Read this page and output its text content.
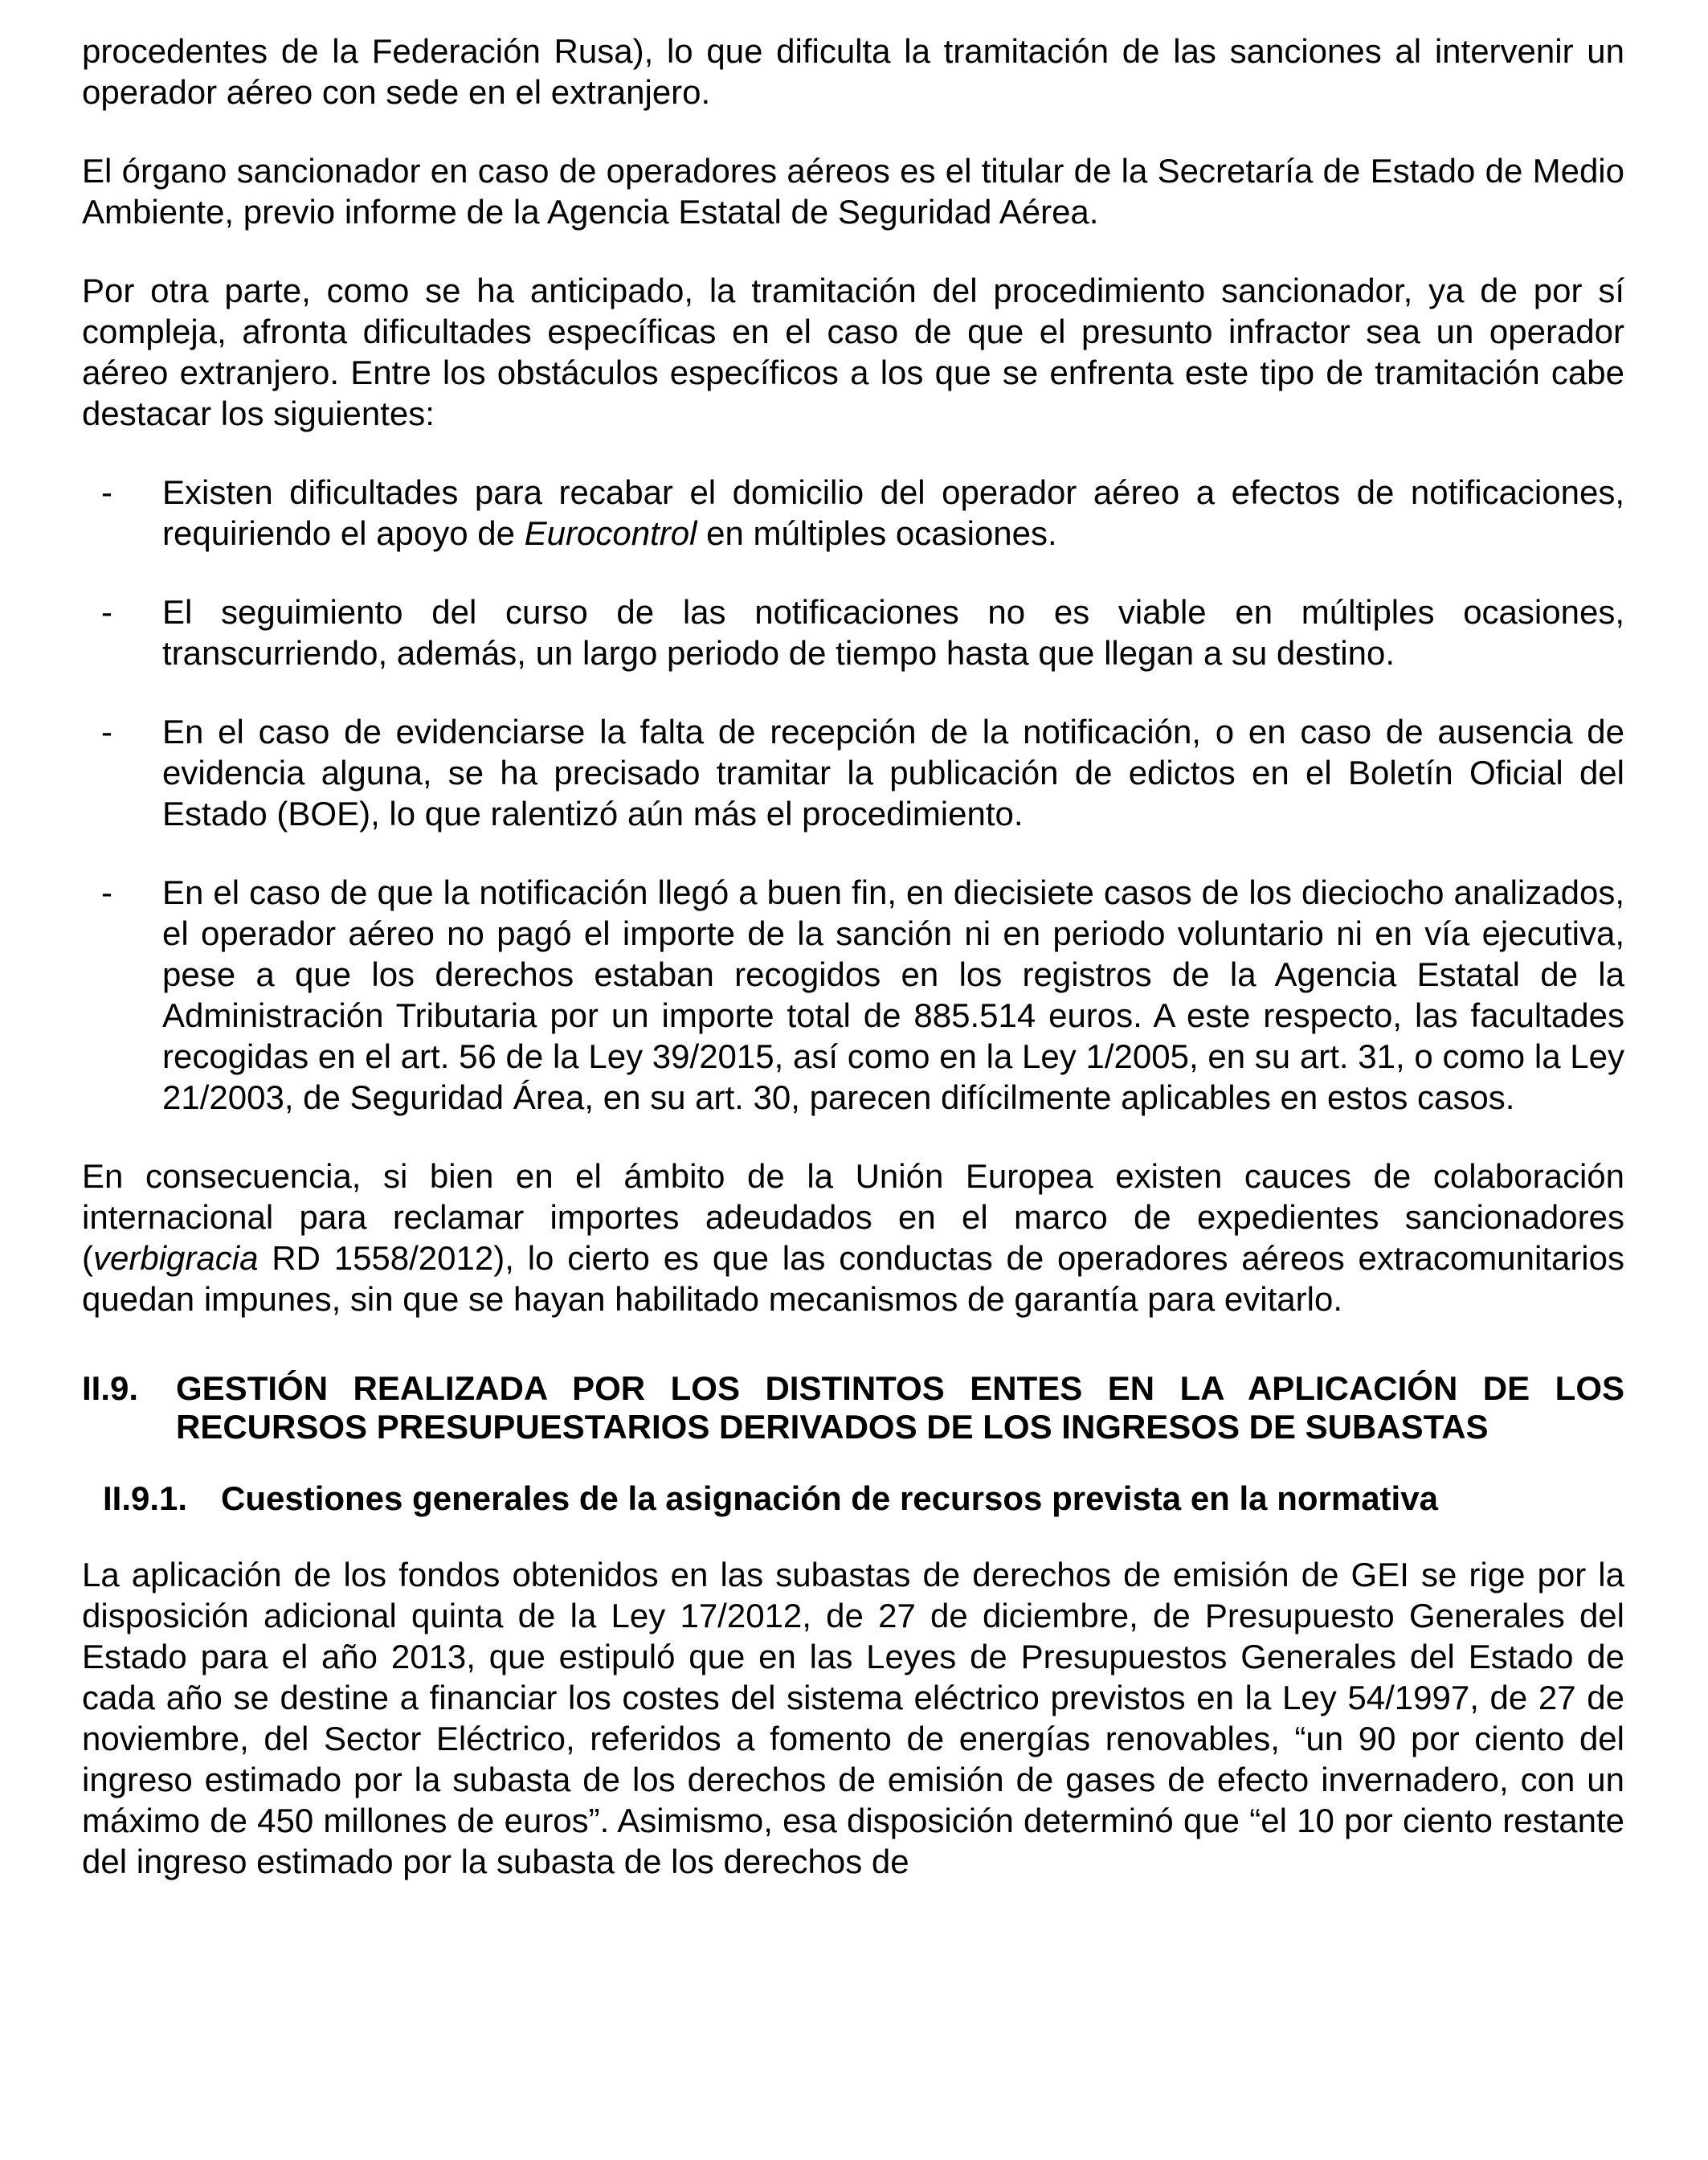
procedentes de la Federación Rusa), lo que dificulta la tramitación de las sanciones al intervenir un operador aéreo con sede en el extranjero.

El órgano sancionador en caso de operadores aéreos es el titular de la Secretaría de Estado de Medio Ambiente, previo informe de la Agencia Estatal de Seguridad Aérea.

Por otra parte, como se ha anticipado, la tramitación del procedimiento sancionador, ya de por sí compleja, afronta dificultades específicas en el caso de que el presunto infractor sea un operador aéreo extranjero. Entre los obstáculos específicos a los que se enfrenta este tipo de tramitación cabe destacar los siguientes:

- Existen dificultades para recabar el domicilio del operador aéreo a efectos de notificaciones, requiriendo el apoyo de Eurocontrol en múltiples ocasiones.
- El seguimiento del curso de las notificaciones no es viable en múltiples ocasiones, transcurriendo, además, un largo periodo de tiempo hasta que llegan a su destino.
- En el caso de evidenciarse la falta de recepción de la notificación, o en caso de ausencia de evidencia alguna, se ha precisado tramitar la publicación de edictos en el Boletín Oficial del Estado (BOE), lo que ralentizó aún más el procedimiento.
- En el caso de que la notificación llegó a buen fin, en diecisiete casos de los dieciocho analizados, el operador aéreo no pagó el importe de la sanción ni en periodo voluntario ni en vía ejecutiva, pese a que los derechos estaban recogidos en los registros de la Agencia Estatal de la Administración Tributaria por un importe total de 885.514 euros. A este respecto, las facultades recogidas en el art. 56 de la Ley 39/2015, así como en la Ley 1/2005, en su art. 31, o como la Ley 21/2003, de Seguridad Área, en su art. 30, parecen difícilmente aplicables en estos casos.

En consecuencia, si bien en el ámbito de la Unión Europea existen cauces de colaboración internacional para reclamar importes adeudados en el marco de expedientes sancionadores (verbigracia RD 1558/2012), lo cierto es que las conductas de operadores aéreos extracomunitarios quedan impunes, sin que se hayan habilitado mecanismos de garantía para evitarlo.

II.9. GESTIÓN REALIZADA POR LOS DISTINTOS ENTES EN LA APLICACIÓN DE LOS RECURSOS PRESUPUESTARIOS DERIVADOS DE LOS INGRESOS DE SUBASTAS
II.9.1. Cuestiones generales de la asignación de recursos prevista en la normativa

La aplicación de los fondos obtenidos en las subastas de derechos de emisión de GEI se rige por la disposición adicional quinta de la Ley 17/2012, de 27 de diciembre, de Presupuesto Generales del Estado para el año 2013, que estipuló que en las Leyes de Presupuestos Generales del Estado de cada año se destine a financiar los costes del sistema eléctrico previstos en la Ley 54/1997, de 27 de noviembre, del Sector Eléctrico, referidos a fomento de energías renovables, “un 90 por ciento del ingreso estimado por la subasta de los derechos de emisión de gases de efecto invernadero, con un máximo de 450 millones de euros”. Asimismo, esa disposición determinó que “el 10 por ciento restante del ingreso estimado por la subasta de los derechos de
